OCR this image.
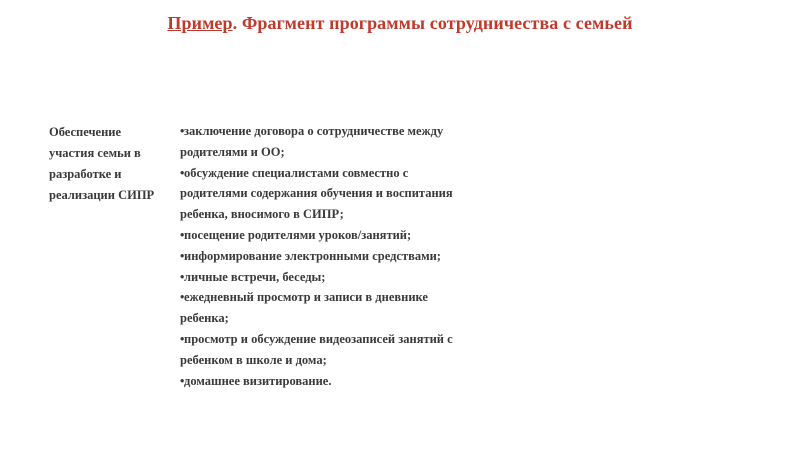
Пример. Фрагмент программы сотрудничества с семьей
Обеспечение
участия семьи в
разработке и
реализации СИПР
•заключение договора о сотрудничестве между
родителями и ОО;
•обсуждение специалистами совместно с
родителями содержания обучения и воспитания
ребенка, вносимого в СИПР;
•посещение родителями уроков/занятий;
•информирование электронными средствами;
•личные встречи, беседы;
•ежедневный просмотр и записи в дневнике
ребенка;
•просмотр и обсуждение видеозаписей занятий с
ребенком в школе и дома;
•домашнее визитирование.
